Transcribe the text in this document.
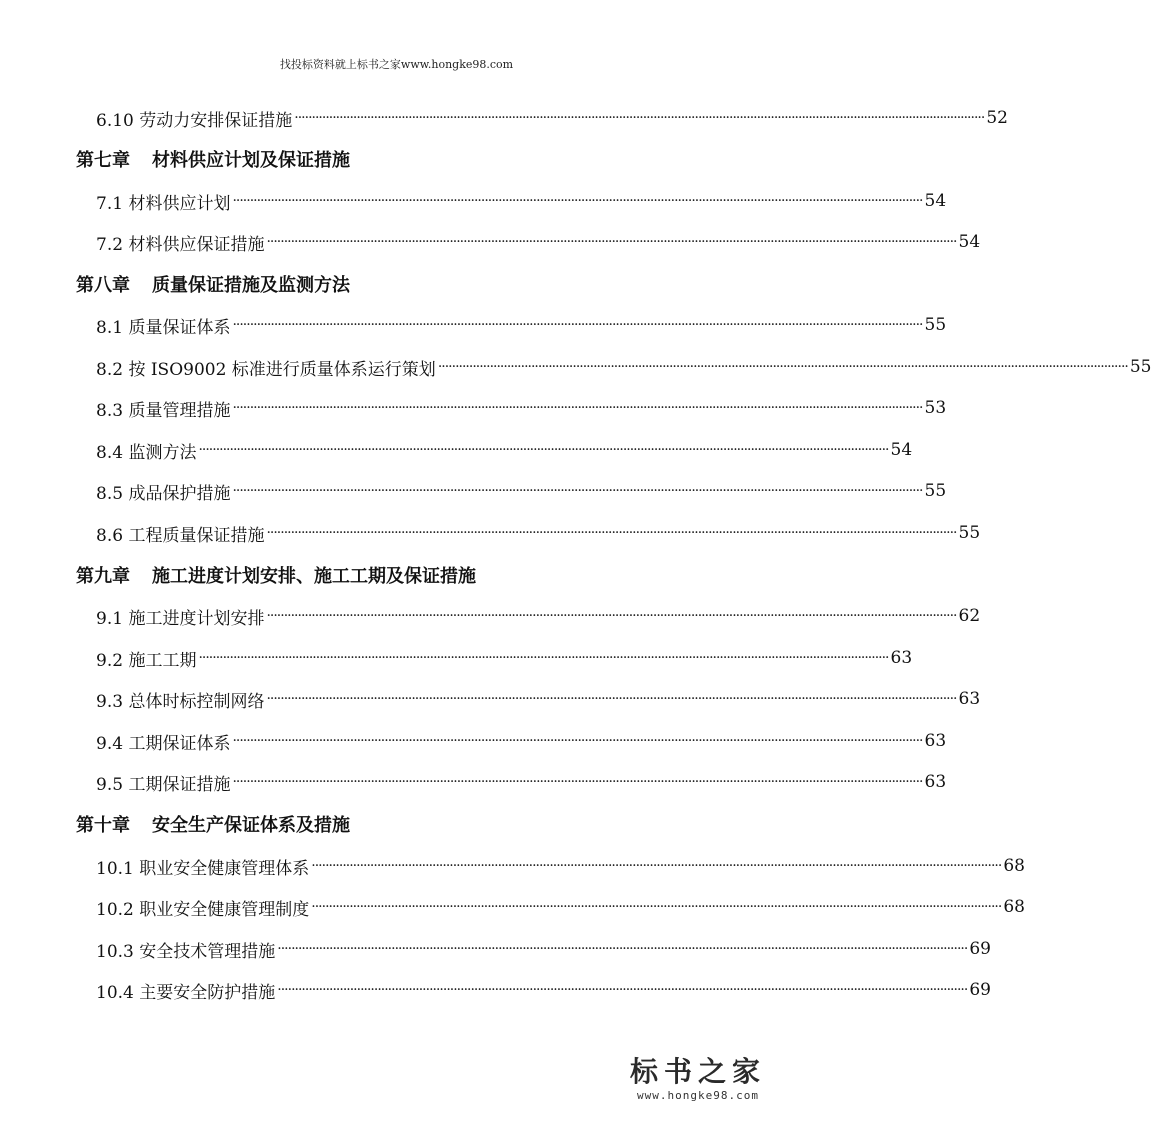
找投标资料就上标书之家www.hongke98.com
6.10 劳动力安排保证措施 ········································································································································································································ 52
第七章 材料供应计划及保证措施
7.1 材料供应计划 ········································································································································································································ 54
7.2 材料供应保证措施 ········································································································································································································ 54
第八章 质量保证措施及监测方法
8.1 质量保证体系 ········································································································································································································ 55
8.2 按 ISO9002 标准进行质量体系运行策划 ········································································································································································································ 55
8.3 质量管理措施 ········································································································································································································ 53
8.4 监测方法 ········································································································································································································ 54
8.5 成品保护措施 ········································································································································································································ 55
8.6 工程质量保证措施 ········································································································································································································ 55
第九章 施工进度计划安排、施工工期及保证措施
9.1 施工进度计划安排 ········································································································································································································ 62
9.2 施工工期 ········································································································································································································ 63
9.3 总体时标控制网络 ········································································································································································································ 63
9.4 工期保证体系 ········································································································································································································ 63
9.5 工期保证措施 ········································································································································································································ 63
第十章 安全生产保证体系及措施
10.1 职业安全健康管理体系 ········································································································································································································ 68
10.2 职业安全健康管理制度 ········································································································································································································ 68
10.3 安全技术管理措施 ········································································································································································································ 69
10.4 主要安全防护措施 ········································································································································································································ 69
标书之家
www.hongke98.com
